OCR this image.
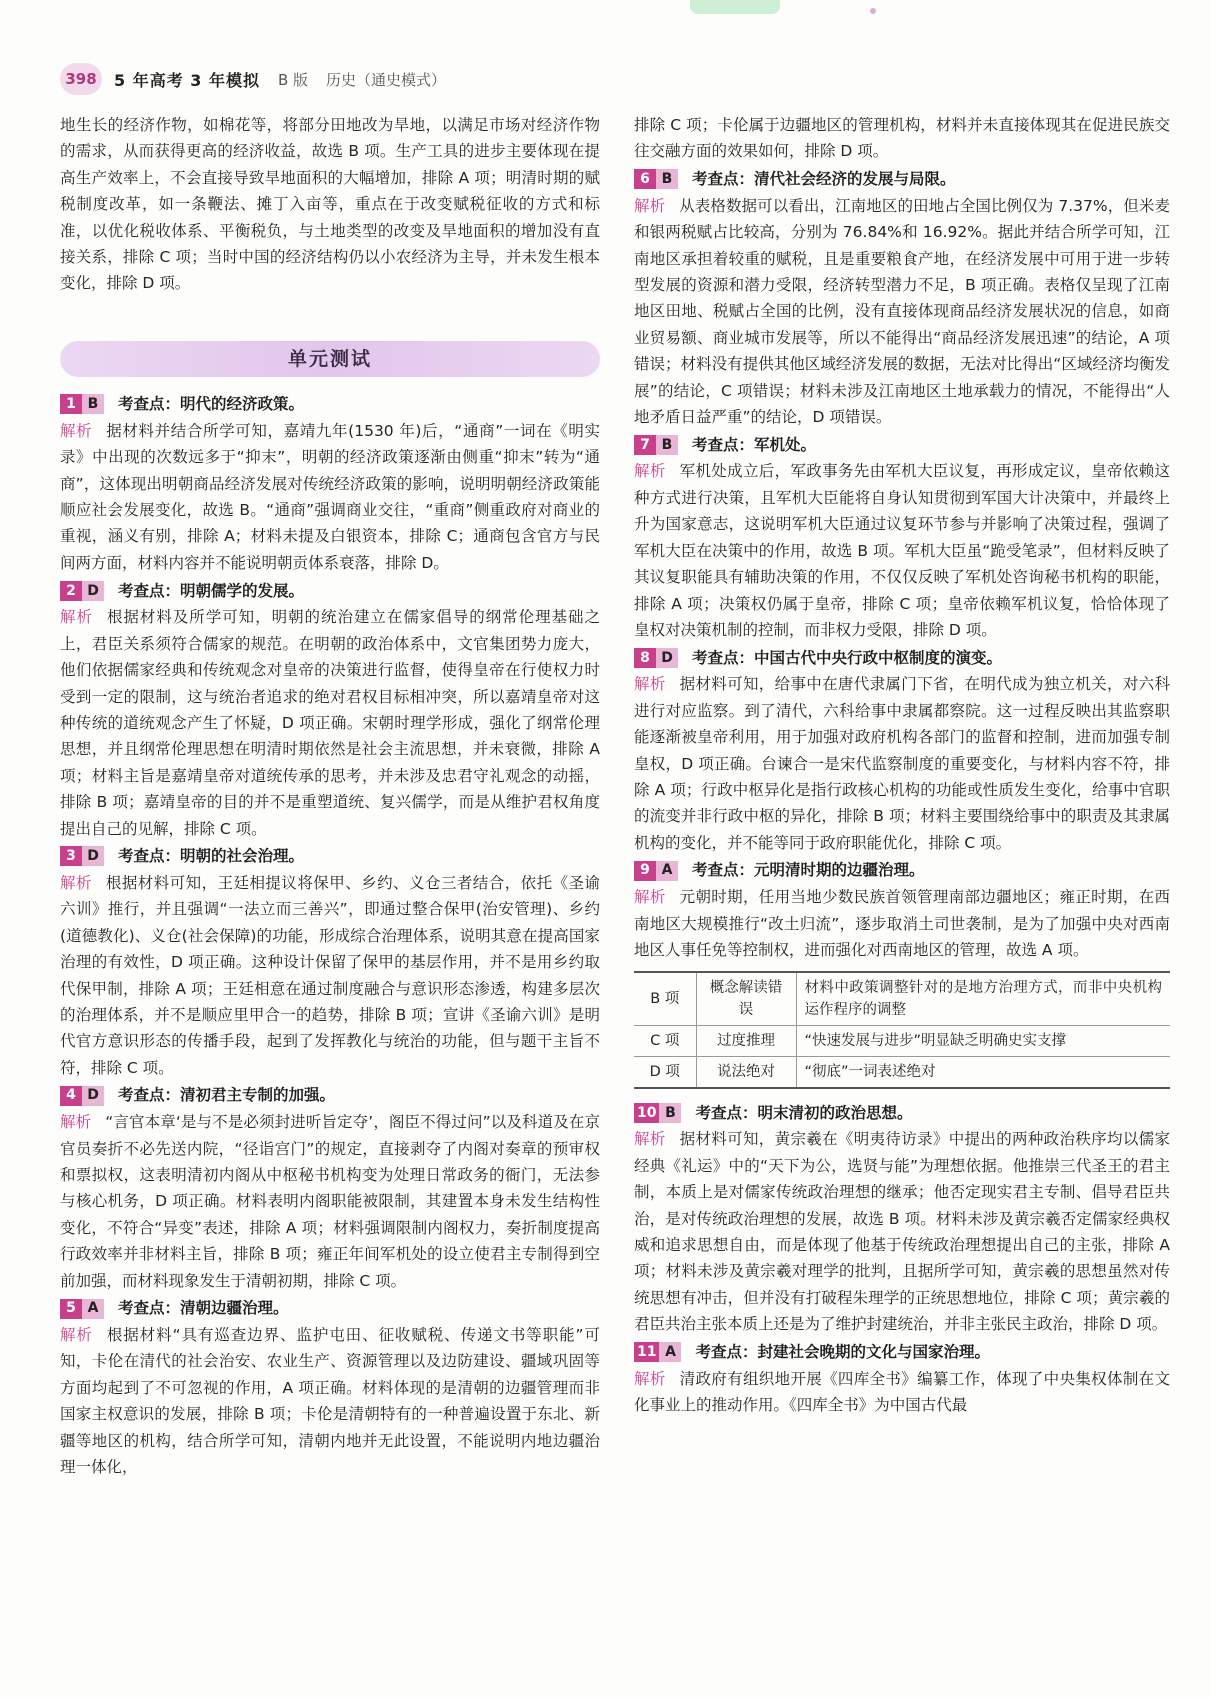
398	5 年高考 3 年模拟 B 版 历史（通史模式）

地生长的经济作物，如棉花等，将部分田地改为旱地，以满足市场对经济作物的需求，从而获得更高的经济收益，故选 B 项。生产工具的进步主要体现在提高生产效率上，不会直接导致旱地面积的大幅增加，排除 A 项；明清时期的赋税制度改革，如一条鞭法、摊丁入亩等，重点在于改变赋税征收的方式和标准，以优化税收体系、平衡税负，与土地类型的改变及旱地面积的增加没有直接关系，排除 C 项；当时中国的经济结构仍以小农经济为主导，并未发生根本变化，排除 D 项。

单元测试
1 B	考查点： 明代的经济政策。

解析 据材料并结合所学可知，嘉靖九年(1530 年)后，“通商”一词在《明实录》中出现的次数远多于“抑末”，明朝的经济政策逐渐由侧重“抑末”转为“通商”，这体现出明朝商品经济发展对传统经济政策的影响，说明明朝经济政策能顺应社会发展变化，故选 B。“通商”强调商业交往，“重商”侧重政府对商业的重视，涵义有别，排除 A；材料未提及白银资本，排除 C；通商包含官方与民间两方面，材料内容并不能说明朝贡体系衰落，排除 D。

2 D	考查点： 明朝儒学的发展。

解析 根据材料及所学可知，明朝的统治建立在儒家倡导的纲常伦理基础之上，君臣关系须符合儒家的规范。在明朝的政治体系中，文官集团势力庞大，他们依据儒家经典和传统观念对皇帝的决策进行监督，使得皇帝在行使权力时受到一定的限制，这与统治者追求的绝对君权目标相冲突，所以嘉靖皇帝对这种传统的道统观念产生了怀疑，D 项正确。宋朝时理学形成，强化了纲常伦理思想，并且纲常伦理思想在明清时期依然是社会主流思想，并未衰微，排除 A 项；材料主旨是嘉靖皇帝对道统传承的思考，并未涉及忠君守礼观念的动摇，排除 B 项；嘉靖皇帝的目的并不是重塑道统、复兴儒学，而是从维护君权角度提出自己的见解，排除 C 项。

3 D	考查点： 明朝的社会治理。

解析 根据材料可知，王廷相提议将保甲、乡约、义仓三者结合，依托《圣谕六训》推行，并且强调“一法立而三善兴”，即通过整合保甲(治安管理)、乡约(道德教化)、义仓(社会保障)的功能，形成综合治理体系，说明其意在提高国家治理的有效性，D 项正确。这种设计保留了保甲的基层作用，并不是用乡约取代保甲制，排除 A 项；王廷相意在通过制度融合与意识形态渗透，构建多层次的治理体系，并不是顺应里甲合一的趋势，排除 B 项；宣讲《圣谕六训》是明代官方意识形态的传播手段，起到了发挥教化与统治的功能，但与题干主旨不符，排除 C 项。

4 D	考查点： 清初君主专制的加强。

解析 “言官本章‘是与不是必须封进听旨定夺’，阁臣不得过问”以及科道及在京官员奏折不必先送内院，“径诣宫门”的规定，直接剥夺了内阁对奏章的预审权和票拟权，这表明清初内阁从中枢秘书机构变为处理日常政务的衙门，无法参与核心机务，D 项正确。材料表明内阁职能被限制，其建置本身未发生结构性变化，不符合“异变”表述，排除 A 项；材料强调限制内阁权力，奏折制度提高行政效率并非材料主旨，排除 B 项；雍正年间军机处的设立使君主专制得到空前加强，而材料现象发生于清朝初期，排除 C 项。

5 A	考查点： 清朝边疆治理。

解析 根据材料“具有巡查边界、监护屯田、征收赋税、传递文书等职能”可知，卡伦在清代的社会治安、农业生产、资源管理以及边防建设、疆域巩固等方面均起到了不可忽视的作用，A 项正确。材料体现的是清朝的边疆管理而非国家主权意识的发展，排除 B 项；卡伦是清朝特有的一种普遍设置于东北、新疆等地区的机构，结合所学可知，清朝内地并无此设置，不能说明内地边疆治理一体化，

排除 C 项；卡伦属于边疆地区的管理机构，材料并未直接体现其在促进民族交往交融方面的效果如何，排除 D 项。

6 B	考查点： 清代社会经济的发展与局限。

解析 从表格数据可以看出，江南地区的田地占全国比例仅为 7.37%，但米麦和银两税赋占比较高，分别为 76.84%和 16.92%。据此并结合所学可知，江南地区承担着较重的赋税，且是重要粮食产地，在经济发展中可用于进一步转型发展的资源和潜力受限，经济转型潜力不足，B 项正确。表格仅呈现了江南地区田地、税赋占全国的比例，没有直接体现商品经济发展状况的信息，如商业贸易额、商业城市发展等，所以不能得出“商品经济发展迅速”的结论，A 项错误；材料没有提供其他区域经济发展的数据，无法对比得出“区域经济均衡发展”的结论，C 项错误；材料未涉及江南地区土地承载力的情况，不能得出“人地矛盾日益严重”的结论，D 项错误。

7 B	考查点： 军机处。

解析 军机处成立后，军政事务先由军机大臣议复，再形成定议，皇帝依赖这种方式进行决策，且军机大臣能将自身认知贯彻到军国大计决策中，并最终上升为国家意志，这说明军机大臣通过议复环节参与并影响了决策过程，强调了军机大臣在决策中的作用，故选 B 项。军机大臣虽“跪受笔录”，但材料反映了其议复职能具有辅助决策的作用，不仅仅反映了军机处咨询秘书机构的职能，排除 A 项；决策权仍属于皇帝，排除 C 项；皇帝依赖军机议复，恰恰体现了皇权对决策机制的控制，而非权力受限，排除 D 项。

8 D	考查点： 中国古代中央行政中枢制度的演变。

解析 据材料可知，给事中在唐代隶属门下省，在明代成为独立机关，对六科进行对应监察。到了清代，六科给事中隶属都察院。这一过程反映出其监察职能逐渐被皇帝利用，用于加强对政府机构各部门的监督和控制，进而加强专制皇权，D 项正确。台谏合一是宋代监察制度的重要变化，与材料内容不符，排除 A 项；行政中枢异化是指行政核心机构的功能或性质发生变化，给事中官职的流变并非行政中枢的异化，排除 B 项；材料主要围绕给事中的职责及其隶属机构的变化，并不能等同于政府职能优化，排除 C 项。

9 A	考查点： 元明清时期的边疆治理。

解析 元朝时期，任用当地少数民族首领管理南部边疆地区；雍正时期，在西南地区大规模推行“改土归流”，逐步取消土司世袭制，是为了加强中央对西南地区人事任免等控制权，进而强化对西南地区的管理，故选 A 项。

B 项	概念解读错误	材料中政策调整针对的是地方治理方式，而非中央机构运作程序的调整
C 项	过度推理	“快速发展与进步”明显缺乏明确史实支撑
D 项	说法绝对	“彻底”一词表述绝对
10 B	考查点： 明末清初的政治思想。

解析 据材料可知，黄宗羲在《明夷待访录》中提出的两种政治秩序均以儒家经典《礼运》中的“天下为公，选贤与能”为理想依据。他推崇三代圣王的君主制，本质上是对儒家传统政治理想的继承；他否定现实君主专制、倡导君臣共治，是对传统政治理想的发展，故选 B 项。材料未涉及黄宗羲否定儒家经典权威和追求思想自由，而是体现了他基于传统政治理想提出自己的主张，排除 A 项；材料未涉及黄宗羲对理学的批判，且据所学可知，黄宗羲的思想虽然对传统思想有冲击，但并没有打破程朱理学的正统思想地位，排除 C 项；黄宗羲的君臣共治主张本质上还是为了维护封建统治，并非主张民主政治，排除 D 项。

11 A	考查点： 封建社会晚期的文化与国家治理。

解析 清政府有组织地开展《四库全书》编纂工作，体现了中央集权体制在文化事业上的推动作用。《四库全书》为中国古代最
